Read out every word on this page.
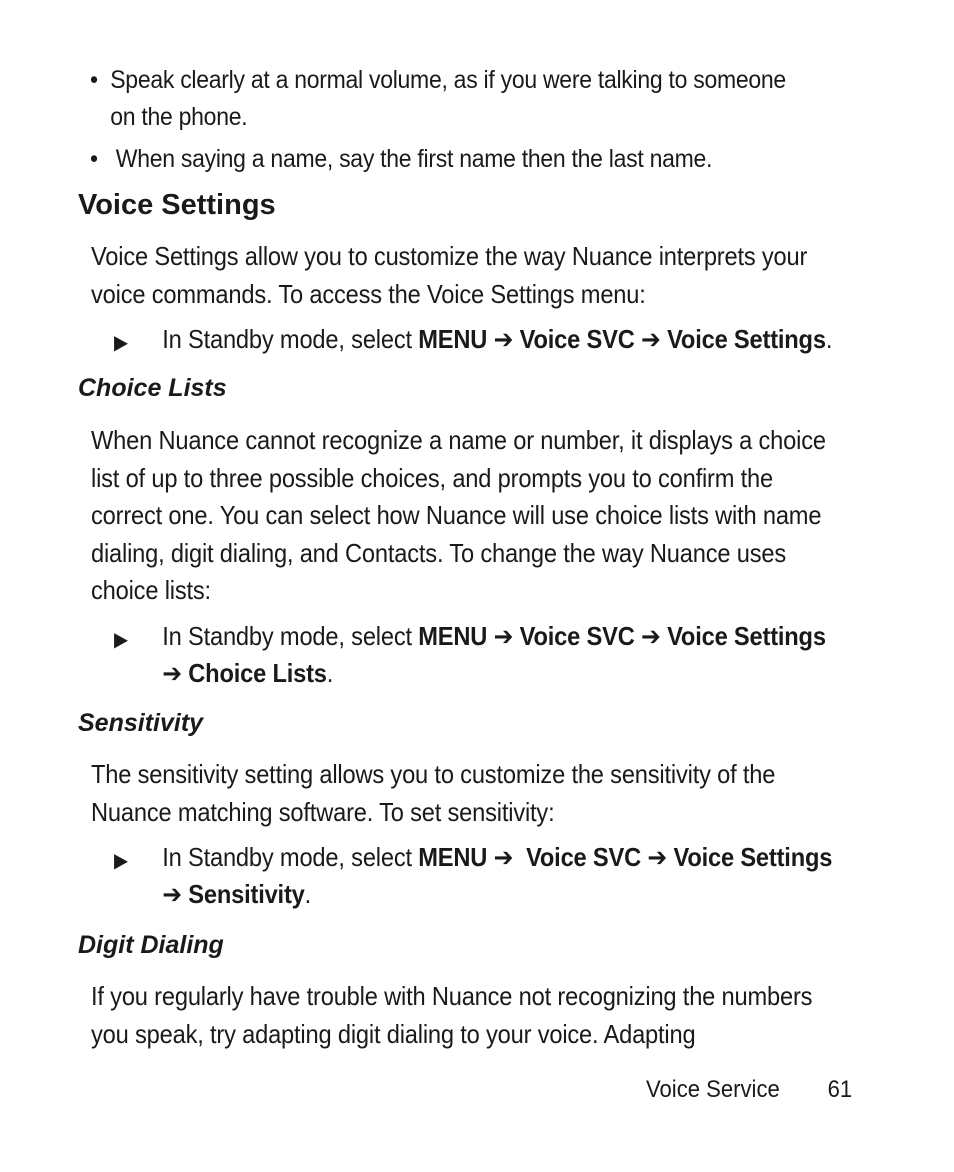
• Speak clearly at a normal volume, as if you were talking to someone on the phone.
• When saying a name, say the first name then the last name.
Voice Settings
Voice Settings allow you to customize the way Nuance interprets your voice commands. To access the Voice Settings menu:
▶	In Standby mode, select MENU ➔ Voice SVC ➔ Voice Settings.
Choice Lists
When Nuance cannot recognize a name or number, it displays a choice list of up to three possible choices, and prompts you to confirm the correct one. You can select how Nuance will use choice lists with name dialing, digit dialing, and Contacts. To change the way Nuance uses choice lists:
▶	In Standby mode, select MENU ➔ Voice SVC ➔ Voice Settings ➔ Choice Lists.
Sensitivity
The sensitivity setting allows you to customize the sensitivity of the Nuance matching software. To set sensitivity:
▶	In Standby mode, select MENU ➔ Voice SVC ➔ Voice Settings ➔ Sensitivity.
Digit Dialing
If you regularly have trouble with Nuance not recognizing the numbers you speak, try adapting digit dialing to your voice. Adapting
Voice Service 61
